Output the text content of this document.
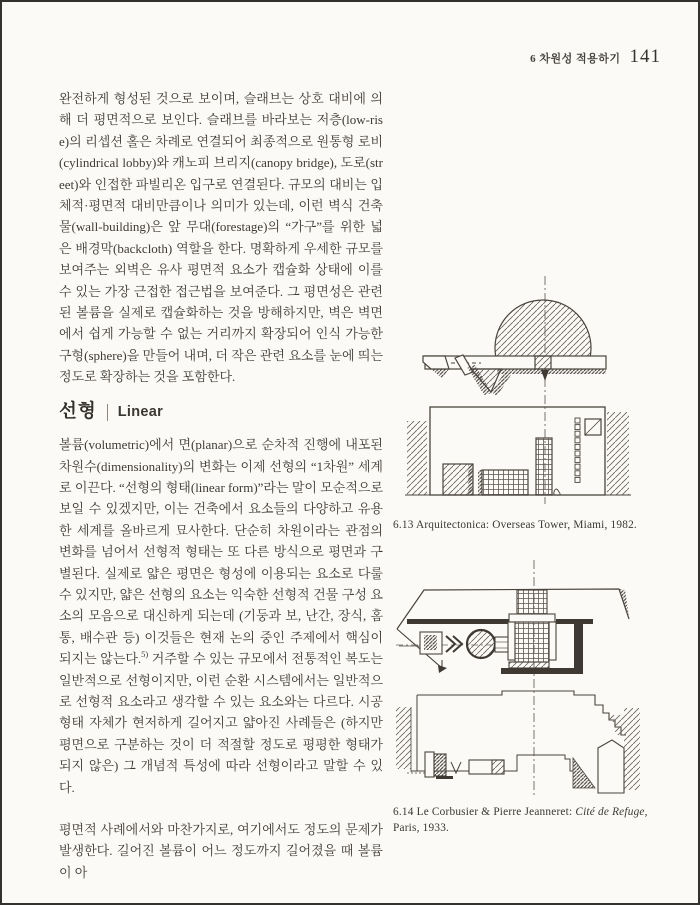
6 차원성 적용하기 141

완전하게 형성된 것으로 보이며, 슬래브는 상호 대비에 의해 더 평면적으로 보인다. 슬래브를 바라보는 저층(low-rise)의 리셉션 홀은 차례로 연결되어 최종적으로 원통형 로비(cylindrical lobby)와 캐노피 브리지(canopy bridge), 도로(street)와 인접한 파빌리온 입구로 연결된다. 규모의 대비는 입체적·평면적 대비만큼이나 의미가 있는데, 이런 벽식 건축물(wall-building)은 앞 무대(forestage)의 “가구”를 위한 넓은 배경막(backcloth) 역할을 한다. 명확하게 우세한 규모를 보여주는 외벽은 유사 평면적 요소가 캡슐화 상태에 이를 수 있는 가장 근접한 접근법을 보여준다. 그 평면성은 관련된 볼륨을 실제로 캡슐화하는 것을 방해하지만, 벽은 벽면에서 쉽게 가능할 수 없는 거리까지 확장되어 인식 가능한 구형(sphere)을 만들어 내며, 더 작은 관련 요소를 눈에 띄는 정도로 확장하는 것을 포함한다.

선형 Linear

볼륨(volumetric)에서 면(planar)으로 순차적 진행에 내포된 차원수(dimensionality)의 변화는 이제 선형의 “1차원” 세계로 이끈다. “선형의 형태(linear form)”라는 말이 모순적으로 보일 수 있겠지만, 이는 건축에서 요소들의 다양하고 유용한 세계를 올바르게 묘사한다. 단순히 차원이라는 관점의 변화를 넘어서 선형적 형태는 또 다른 방식으로 평면과 구별된다. 실제로 얇은 평면은 형성에 이용되는 요소로 다룰 수 있지만, 얇은 선형의 요소는 익숙한 선형적 건물 구성 요소의 모음으로 대신하게 되는데 (기둥과 보, 난간, 장식, 홈통, 배수관 등) 이것들은 현재 논의 중인 주제에서 핵심이 되지는 않는다.$^{5)}$ 거주할 수 있는 규모에서 전통적인 복도는 일반적으로 선형이지만, 이런 순환 시스템에서는 일반적으로 선형적 요소라고 생각할 수 있는 요소와는 다르다. 시공 형태 자체가 현저하게 길어지고 얇아진 사례들은 (하지만 평면으로 구분하는 것이 더 적절할 정도로 평평한 형태가 되지 않은) 그 개념적 특성에 따라 선형이라고 말할 수 있다.

평면적 사례에서와 마찬가지로, 여기에서도 정도의 문제가 발생한다. 길어진 볼륨이 어느 정도까지 길어졌을 때 볼륨이 아

6.13 Arquitectonica: Overseas Tower, Miami, 1982.
6.14 Le Corbusier & Pierre Jeanneret: Cité de Refuge,
Paris, 1933.
